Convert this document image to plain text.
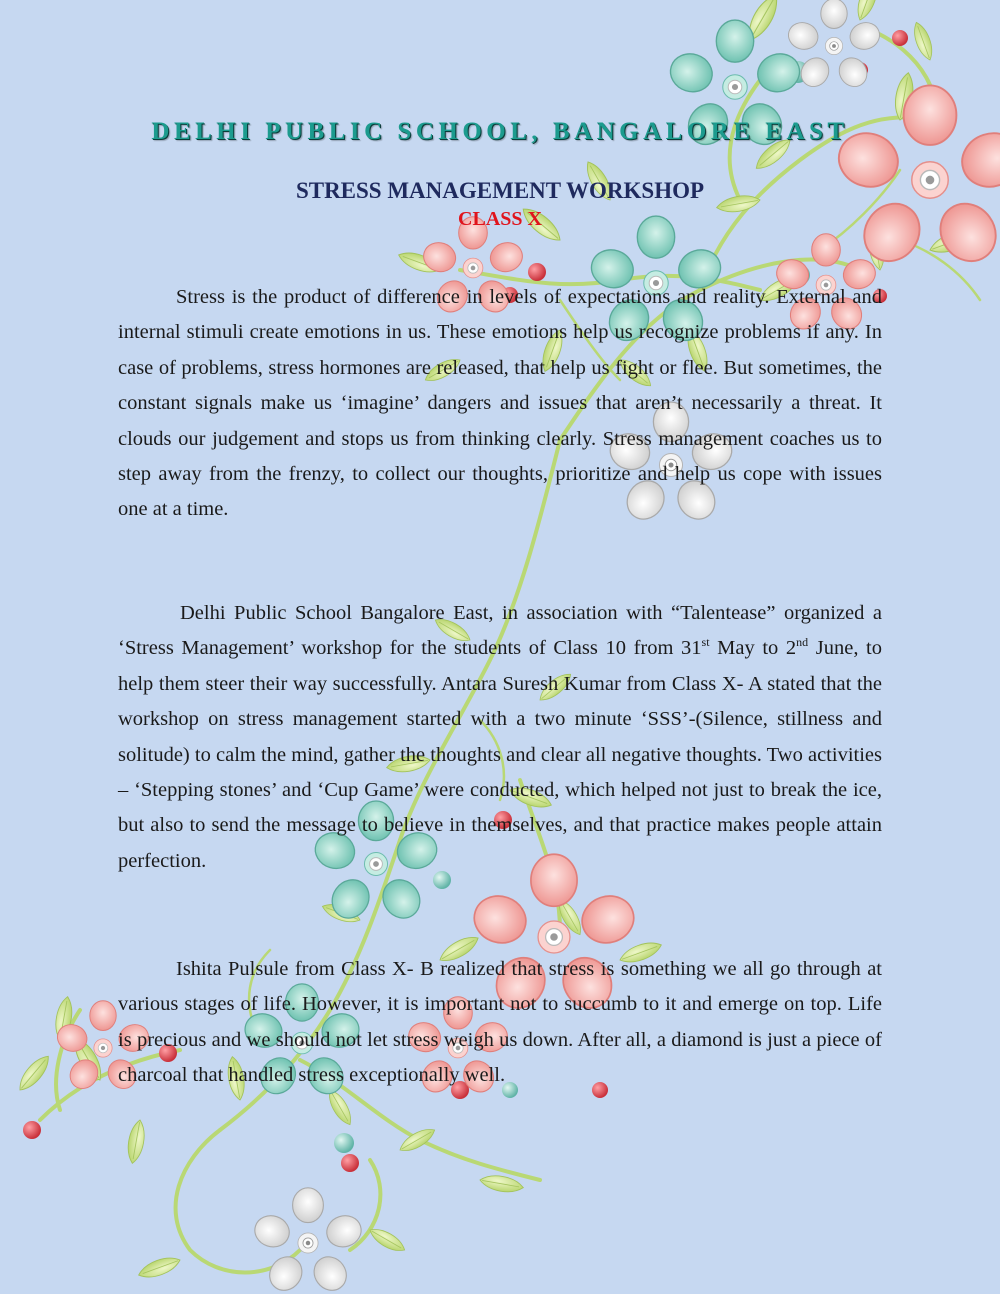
DELHI PUBLIC SCHOOL, BANGALORE EAST
STRESS MANAGEMENT WORKSHOP
CLASS X

Stress is the product of difference in levels of expectations and reality. External and internal stimuli create emotions in us. These emotions help us recognize problems if any. In case of problems, stress hormones are released, that help us fight or flee. But sometimes, the constant signals make us ‘imagine’ dangers and issues that aren’t necessarily a threat. It clouds our judgement and stops us from thinking clearly. Stress management coaches us to step away from the frenzy, to collect our thoughts, prioritize and help us cope with issues one at a time.

Delhi Public School Bangalore East, in association with “Talentease” organized a ‘Stress Management’ workshop for the students of Class 10 from 31st May to 2nd June, to help them steer their way successfully. Antara Suresh Kumar from Class X- A stated that the workshop on stress management started with a two minute ‘SSS’-(Silence, stillness and solitude) to calm the mind, gather the thoughts and clear all negative thoughts. Two activities – ‘Stepping stones’ and ‘Cup Game’ were conducted, which helped not just to break the ice, but also to send the message to believe in themselves, and that practice makes people attain perfection.

Ishita Pulsule from Class X- B realized that stress is something we all go through at various stages of life. However, it is important not to succumb to it and emerge on top. Life is precious and we should not let stress weigh us down. After all, a diamond is just a piece of charcoal that handled stress exceptionally well.
